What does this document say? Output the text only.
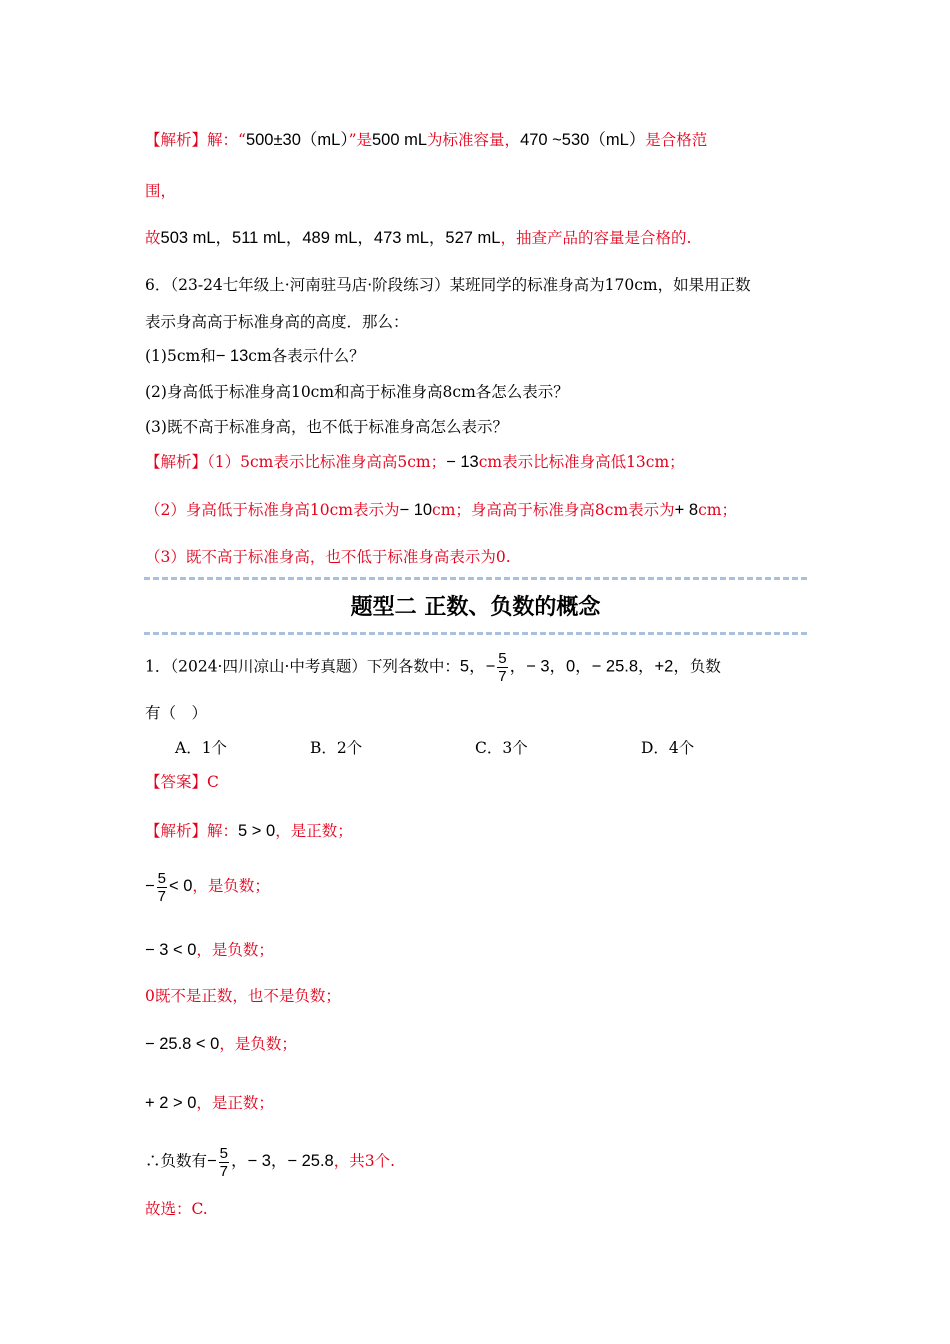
【解析】解：“500±30（mL）”是500 mL为标准容量，470 ~530（mL）是合格范
围，
故503 mL，511 mL，489 mL，473 mL，527 mL，抽查产品的容量是合格的.
6．（23-24七年级上·河南驻马店·阶段练习）某班同学的标准身高为170cm，如果用正数
表示身高高于标准身高的高度．那么：
(1)5cm和− 13cm各表示什么？
(2)身高低于标准身高10cm和高于标准身高8cm各怎么表示？
(3)既不高于标准身高，也不低于标准身高怎么表示？
【解析】（1）5cm表示比标准身高高5cm；− 13cm表示比标准身高低13cm；
（2）身高低于标准身高10cm表示为− 10cm；身高高于标准身高8cm表示为+ 8cm；
（3）既不高于标准身高，也不低于标准身高表示为0.
题型二 正数、负数的概念
1．（2024·四川凉山·中考真题）下列各数中：5，− $\frac{5}{7}$ ，− 3，0，− 25.8，+2，负数
有（　）
A．1个	B．2个	C．3个	D．4个
【答案】C
【解析】解：5 > 0，是正数；
− $\frac{5}{7} < 0$，是负数；
− 3 < 0，是负数；
0既不是正数，也不是负数；
− 25.8 < 0，是负数；
+ 2 > 0，是正数；
∴负数有− $\frac{5}{7}$ ，− 3，− 25.8，共3个.
故选：C.
